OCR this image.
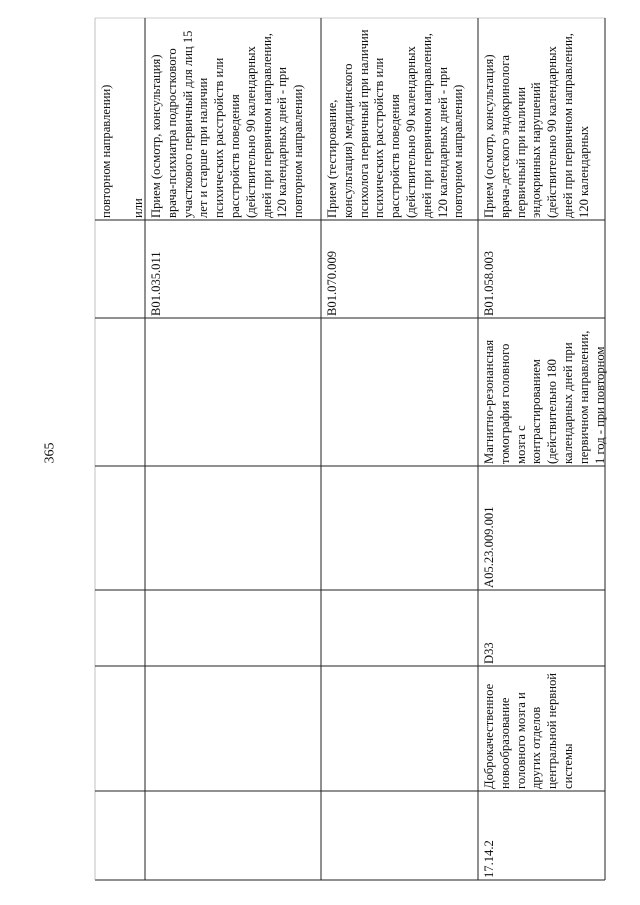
365

повторном направлении) или Прием (осмотр, консультация) врача-психиатра подросткового участкового первичный для лиц 15 лет и старше при наличии психических расстройств или расстройств поведения (действительно 90 календарных дней при первичном направлении, 120 календарных дней - при повторном направлении)

B01.035.011

Прием (тестирование, консультация) медицинского психолога первичный при наличии психических расстройств или расстройств поведения (действительно 90 календарных дней при первичном направлении, 120 календарных дней - при повторном направлении)

B01.070.009

Прием (осмотр, консультация) врача-детского эндокринолога первичный при наличии эндокринных нарушений (действительно 90 календарных дней при первичном направлении, 120 календарных

B01.058.003

Магнитно-резонансная томография головного мозга с контрастированием (действительно 180 календарных дней при первичном направлении, 1 год - при повторном

A05.23.009.001

D33

Доброкачественное новообразование головного мозга и других отделов центральной нервной системы

17.14.2
